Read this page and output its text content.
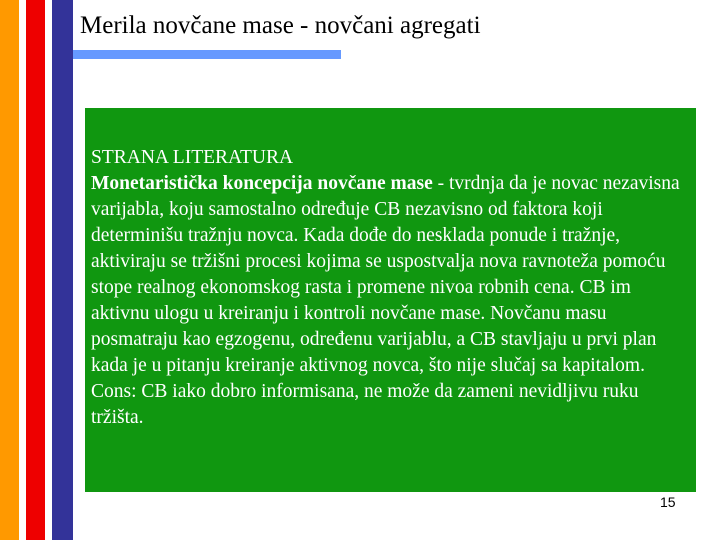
Merila novčane mase - novčani agregati

STRANA LITERATURA

Monetaristička koncepcija novčane mase - tvrdnja da je novac nezavisna varijabla, koju samostalno određuje CB nezavisno od faktora koji determinišu tražnju novca. Kada dođe do nesklada ponude i tražnje, aktiviraju se tržišni procesi kojima se uspostvalja nova ravnoteža pomoću stope realnog ekonomskog rasta i promene nivoa robnih cena. CB im aktivnu ulogu u kreiranju i kontroli novčane mase. Novčanu masu posmatraju kao egzogenu, određenu varijablu, a CB stavljaju u prvi plan kada je u pitanju kreiranje aktivnog novca, što nije slučaj sa kapitalom.

Cons: CB iako dobro informisana, ne može da zameni nevidljivu ruku tržišta.

15
